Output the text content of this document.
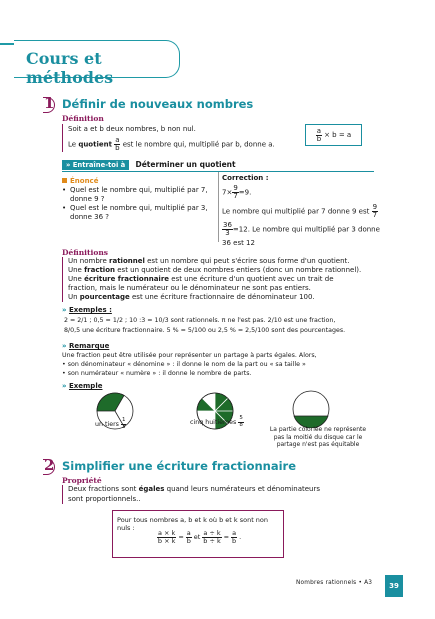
Cours et méthodes
1 Définir de nouveaux nombres
Définition
Soit a et b deux nombres, b non nul.
Le quotient $\frac{a}{b}$ est le nombre qui, multiplié par b, donne a.
$\frac{a}{b} \times b = a$
» Entraîne-toi à Déterminer un quotient
Énoncé
• Quel est le nombre qui, multiplié par 7, donne 9 ?
• Quel est le nombre qui, multiplié par 3, donne 36 ?
Correction :
$7\times \frac{9}{7} =9$.
Le nombre qui multiplié par 7 donne 9 est $\frac{9}{7}$
$\frac{36}{3} =12$. Le nombre qui multiplié par 3 donne
36 est 12
Définitions
Un nombre rationnel est un nombre qui peut s'écrire sous forme d'un quotient.
Une fraction est un quotient de deux nombres entiers (donc un nombre rationnel).
Une écriture fractionnaire est une écriture d'un quotient avec un trait de
fraction, mais le numérateur ou le dénominateur ne sont pas entiers.
Un pourcentage est une écriture fractionnaire de dénominateur 100.
» Exemples :
2 = 2/1 ; 0,5 = 1/2 ; 10 :3 = 10/3 sont rationnels. π ne l'est pas. 2/10 est une fraction,
8/0,5 une écriture fractionnaire. 5 % = 5/100 ou 2,5 % = 2,5/100 sont des pourcentages.
» Remarque
Une fraction peut être utilisée pour représenter un partage à parts égales. Alors,
• son dénominateur « dénomine » : il donne le nom de la part ou « sa taille »
• son numérateur « numère » : il donne le nombre de parts.
» Exemple
un tiers $\frac{1}{3}$	cinq huitièmes $\frac{5}{8}$
La partie coloriée ne représente pas la moitié du disque car le partage n'est pas équitable
2 Simplifier une écriture fractionnaire
Propriété
Deux fractions sont égales quand leurs numérateurs et dénominateurs
sont proportionnels..
Pour tous nombres a, b et k où b et k sont non nuls :
$\frac{a \times k}{b \times k} = \frac{a}{b}$ et $\frac{a \div k}{b \div k} = \frac{a}{b}$ .
Nombres rationnels • A3	39
